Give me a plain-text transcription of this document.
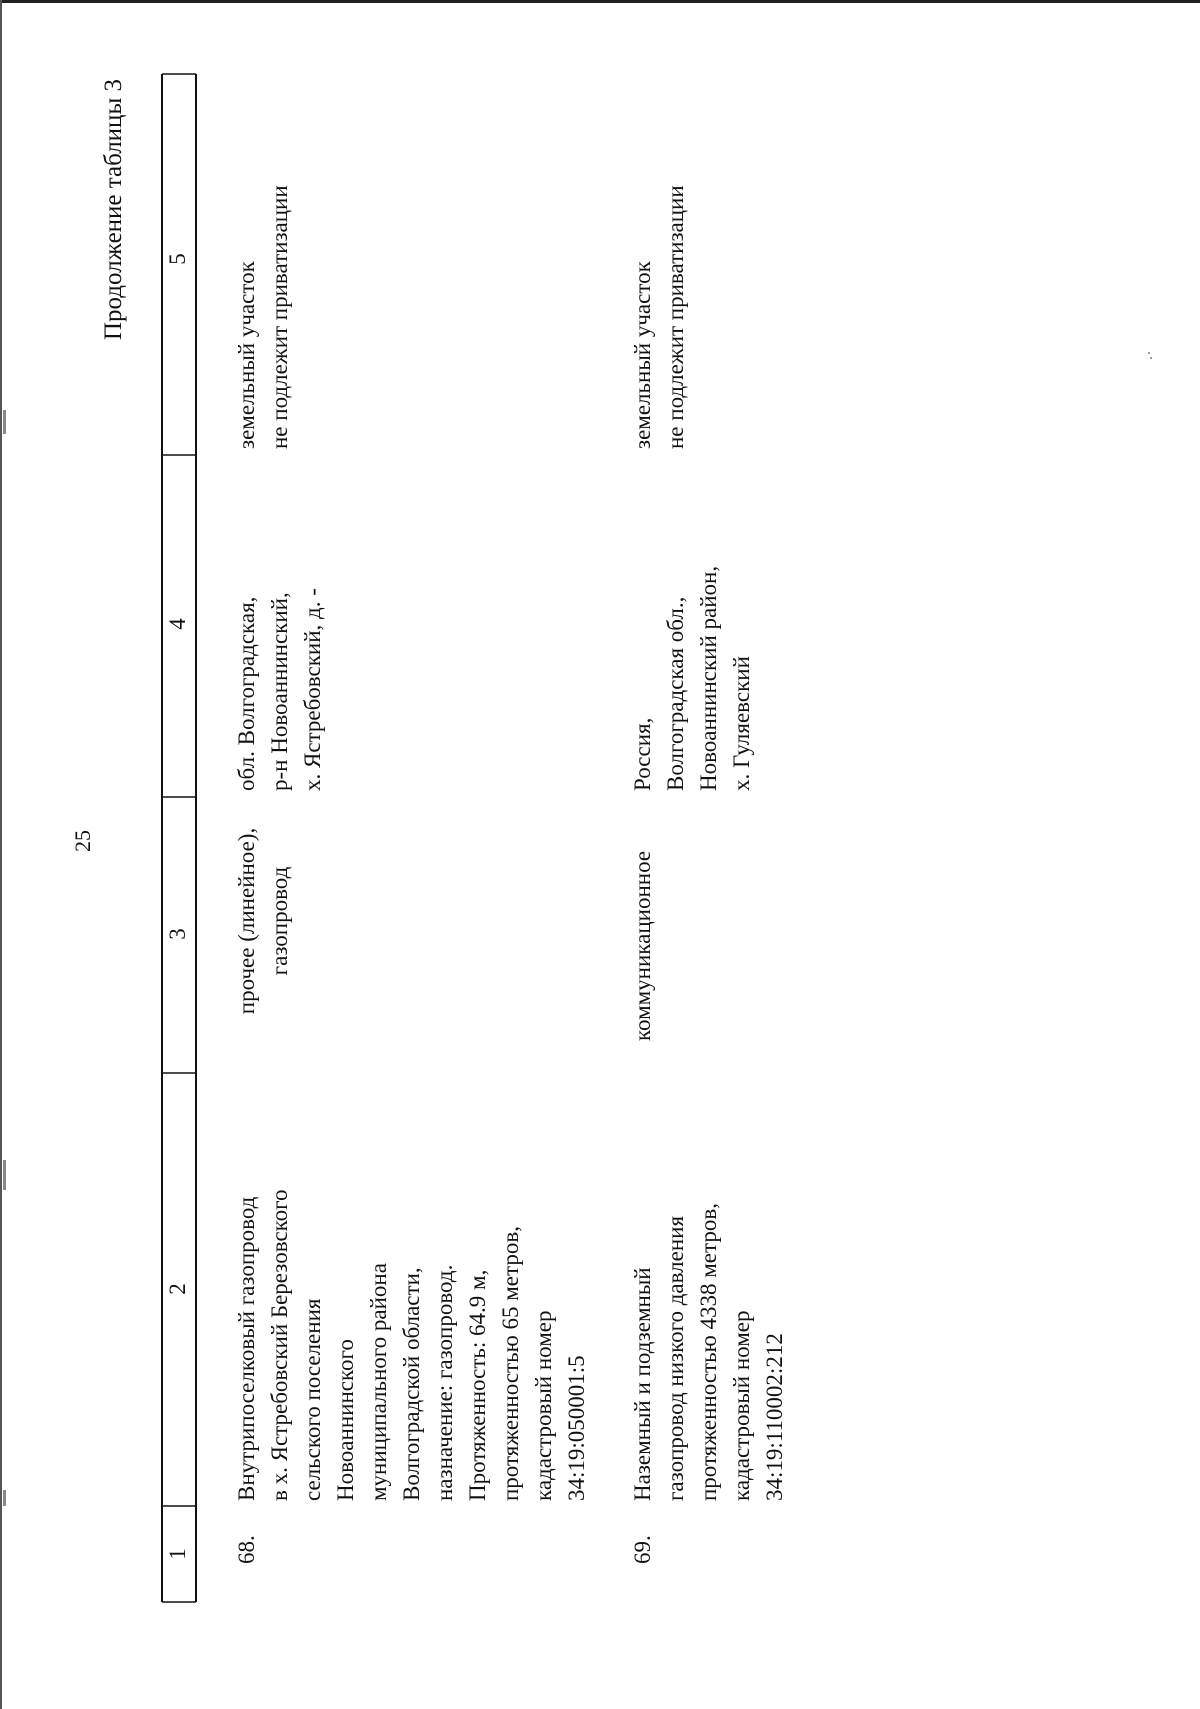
25
Продолжение таблицы 3
1
2
3
4
5
68.
Внутрипоселковый газопровод
в х. Ястребовский Березовского
сельского поселения
Новоаннинского
муниципального района
Волгоградской области,
назначение: газопровод.
Протяженность: 64.9 м,
протяженностью 65 метров,
кадастровый номер
34:19:050001:5
прочее (линейное),
газопровод
обл. Волгоградская,
р-н Новоаннинский,
х. Ястребовский, д. -
земельный участок
не подлежит приватизации
69.
Наземный и подземный
газопровод низкого давления
протяженностью 4338 метров,
кадастровый номер
34:19:110002:212
коммуникационное
Россия,
Волгоградская обл.,
Новоаннинский район,
х. Гуляевский
земельный участок
не подлежит приватизации
